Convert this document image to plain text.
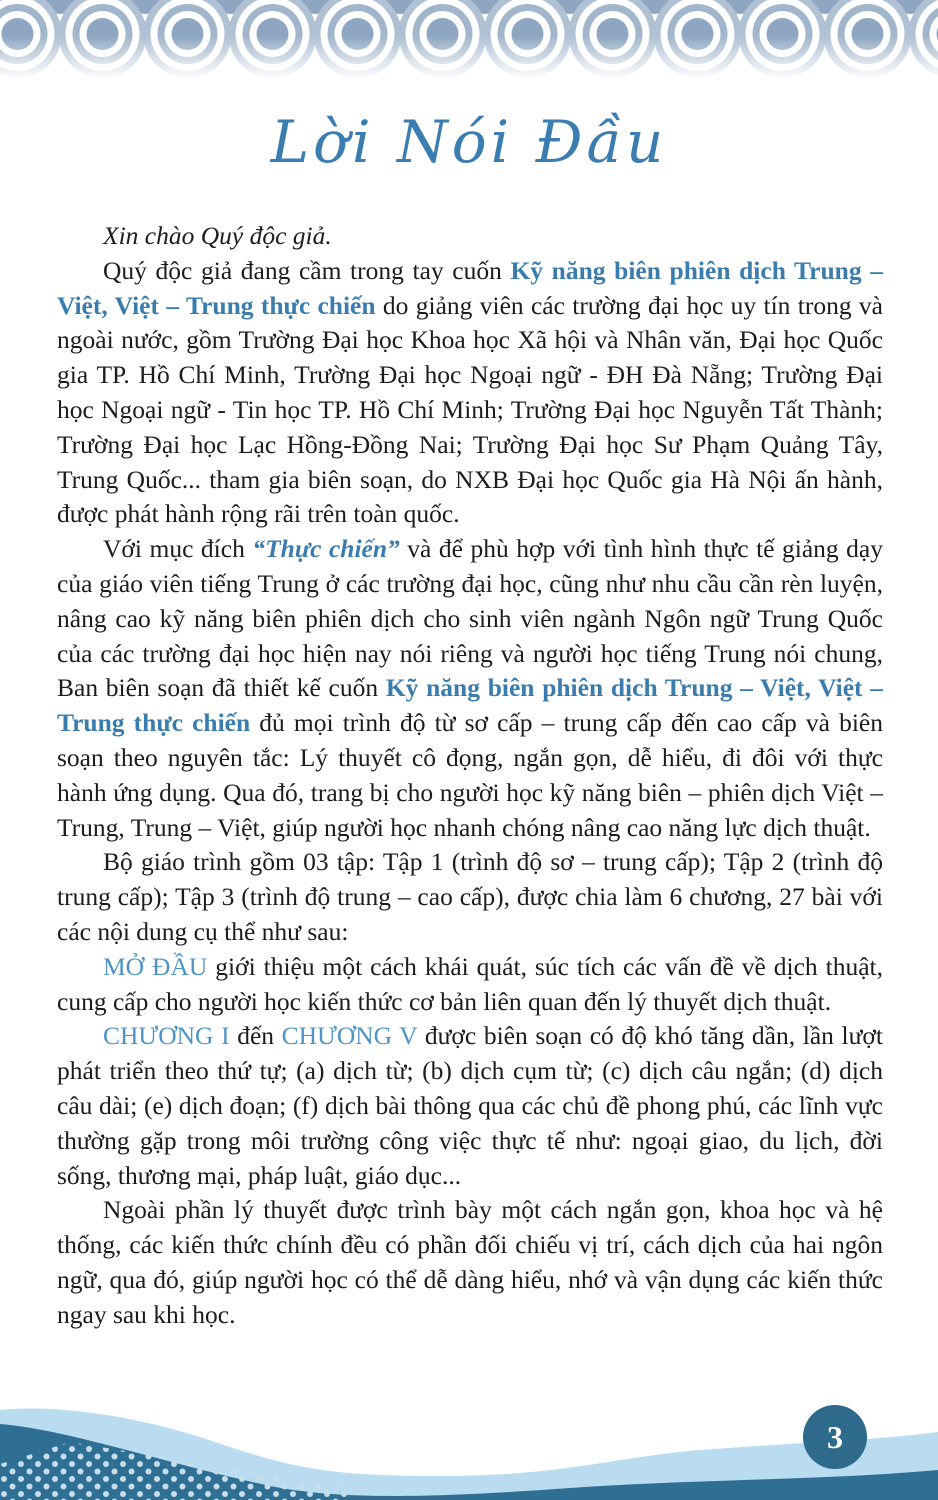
Lời Nói Đầu

Xin chào Quý độc giả.

Quý độc giả đang cầm trong tay cuốn Kỹ năng biên phiên dịch Trung – Việt, Việt – Trung thực chiến do giảng viên các trường đại học uy tín trong và ngoài nước, gồm Trường Đại học Khoa học Xã hội và Nhân văn, Đại học Quốc gia TP. Hồ Chí Minh, Trường Đại học Ngoại ngữ - ĐH Đà Nẵng; Trường Đại học Ngoại ngữ - Tin học TP. Hồ Chí Minh; Trường Đại học Nguyễn Tất Thành; Trường Đại học Lạc Hồng-Đồng Nai; Trường Đại học Sư Phạm Quảng Tây, Trung Quốc... tham gia biên soạn, do NXB Đại học Quốc gia Hà Nội ấn hành, được phát hành rộng rãi trên toàn quốc.

Với mục đích “Thực chiến” và để phù hợp với tình hình thực tế giảng dạy của giáo viên tiếng Trung ở các trường đại học, cũng như nhu cầu cần rèn luyện, nâng cao kỹ năng biên phiên dịch cho sinh viên ngành Ngôn ngữ Trung Quốc của các trường đại học hiện nay nói riêng và người học tiếng Trung nói chung, Ban biên soạn đã thiết kế cuốn Kỹ năng biên phiên dịch Trung – Việt, Việt – Trung thực chiến đủ mọi trình độ từ sơ cấp – trung cấp đến cao cấp và biên soạn theo nguyên tắc: Lý thuyết cô đọng, ngắn gọn, dễ hiểu, đi đôi với thực hành ứng dụng. Qua đó, trang bị cho người học kỹ năng biên – phiên dịch Việt – Trung, Trung – Việt, giúp người học nhanh chóng nâng cao năng lực dịch thuật.

Bộ giáo trình gồm 03 tập: Tập 1 (trình độ sơ – trung cấp); Tập 2 (trình độ trung cấp); Tập 3 (trình độ trung – cao cấp), được chia làm 6 chương, 27 bài với các nội dung cụ thể như sau:

MỞ ĐẦU giới thiệu một cách khái quát, súc tích các vấn đề về dịch thuật, cung cấp cho người học kiến thức cơ bản liên quan đến lý thuyết dịch thuật.

CHƯƠNG I đến CHƯƠNG V được biên soạn có độ khó tăng dần, lần lượt phát triển theo thứ tự; (a) dịch từ; (b) dịch cụm từ; (c) dịch câu ngắn; (d) dịch câu dài; (e) dịch đoạn; (f) dịch bài thông qua các chủ đề phong phú, các lĩnh vực thường gặp trong môi trường công việc thực tế như: ngoại giao, du lịch, đời sống, thương mại, pháp luật, giáo dục...

Ngoài phần lý thuyết được trình bày một cách ngắn gọn, khoa học và hệ thống, các kiến thức chính đều có phần đối chiếu vị trí, cách dịch của hai ngôn ngữ, qua đó, giúp người học có thể dễ dàng hiểu, nhớ và vận dụng các kiến thức ngay sau khi học.

3
